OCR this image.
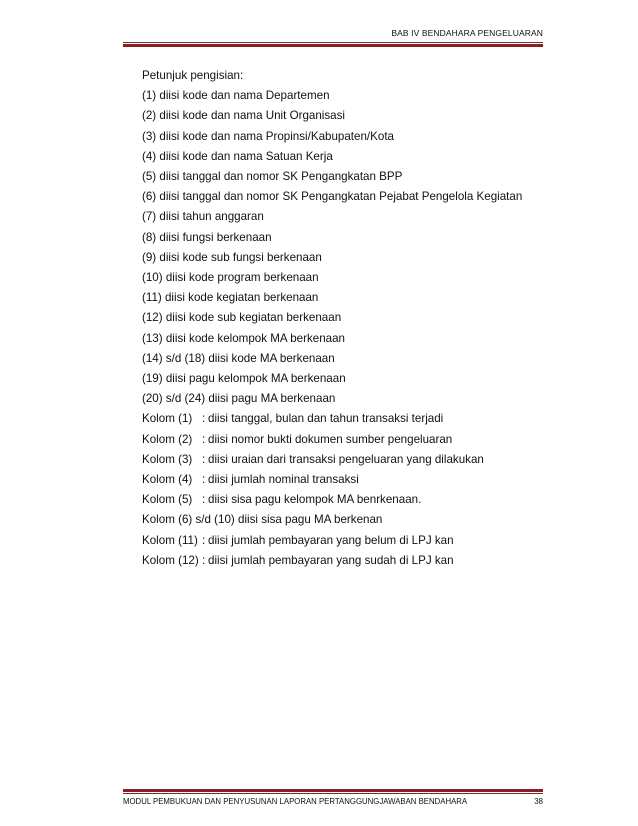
BAB IV BENDAHARA PENGELUARAN
Petunjuk pengisian:
(1) diisi kode dan nama Departemen
(2) diisi kode dan nama Unit Organisasi
(3) diisi kode dan nama Propinsi/Kabupaten/Kota
(4) diisi kode dan nama Satuan Kerja
(5) diisi tanggal dan nomor SK Pengangkatan BPP
(6) diisi tanggal dan nomor SK Pengangkatan Pejabat Pengelola Kegiatan
(7) diisi tahun anggaran
(8) diisi fungsi berkenaan
(9) diisi kode sub fungsi berkenaan
(10) diisi kode program berkenaan
(11) diisi kode kegiatan berkenaan
(12) diisi kode sub kegiatan berkenaan
(13) diisi kode kelompok MA berkenaan
(14) s/d (18) diisi kode MA berkenaan
(19) diisi pagu kelompok MA berkenaan
(20) s/d (24) diisi pagu MA berkenaan
Kolom (1) : diisi tanggal, bulan dan tahun transaksi terjadi
Kolom (2) : diisi nomor bukti dokumen sumber pengeluaran
Kolom (3) : diisi uraian dari transaksi pengeluaran yang dilakukan
Kolom (4) : diisi jumlah nominal transaksi
Kolom (5) : diisi sisa pagu kelompok MA benrkenaan.
Kolom (6) s/d (10) diisi sisa pagu MA berkenan
Kolom (11) : diisi jumlah pembayaran yang belum di LPJ kan
Kolom (12) : diisi jumlah pembayaran yang sudah di LPJ kan
MODUL PEMBUKUAN DAN PENYUSUNAN LAPORAN PERTANGGUNGJAWABAN BENDAHARA	38
